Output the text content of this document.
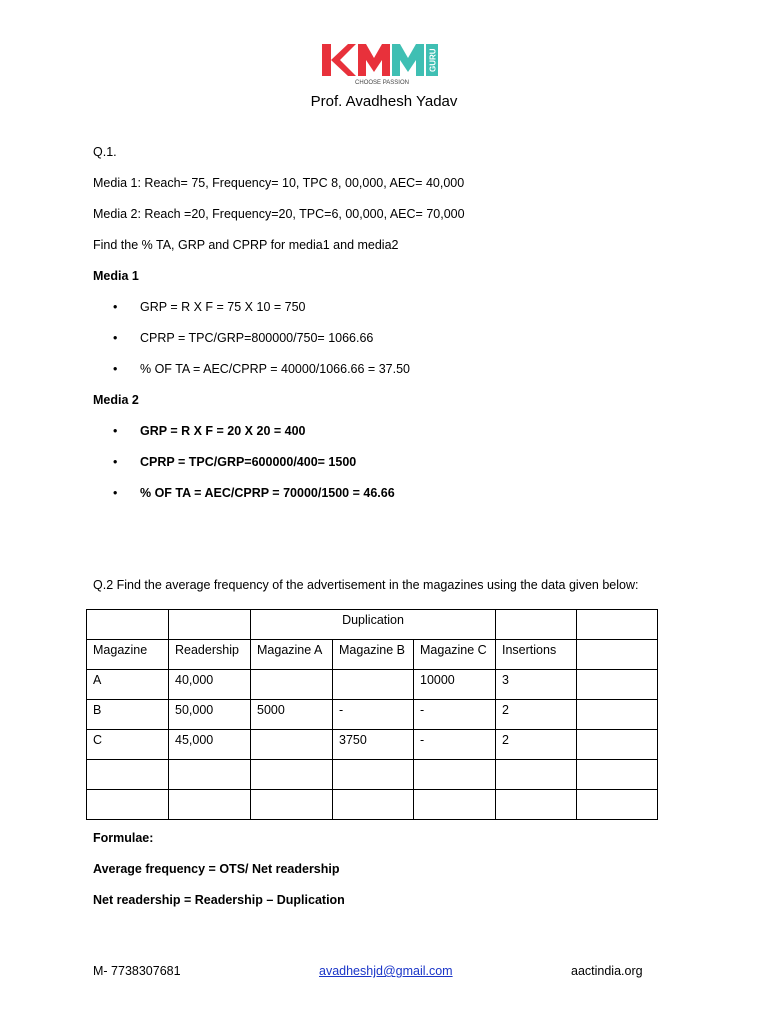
GURU
CHOOSE PASSION
Prof. Avadhesh Yadav
Q.1.
Media 1: Reach= 75, Frequency= 10, TPC 8, 00,000, AEC= 40,000
Media 2: Reach =20, Frequency=20, TPC=6, 00,000, AEC= 70,000
Find the % TA, GRP and CPRP for media1 and media2
Media 1
• GRP = R X F = 75 X 10 = 750
• CPRP = TPC/GRP=800000/750= 1066.66
• % OF TA = AEC/CPRP = 40000/1066.66 = 37.50
Media 2
• GRP = R X F = 20 X 20 = 400
• CPRP = TPC/GRP=600000/400= 1500
• % OF TA = AEC/CPRP = 70000/1500 = 46.66
Q.2 Find the average frequency of the advertisement in the magazines using the data given below:
		Duplication				
Magazine	Readership	Magazine A	Magazine B	Magazine C	Insertions	
A	40,000			10000	3	
B	50,000	5000	-	-	2	
C	45,000		3750	-	2	

Formulae:
Average frequency = OTS/ Net readership
Net readership = Readership – Duplication
M- 7738307681	avadheshjd@gmail.com	aactindia.org
